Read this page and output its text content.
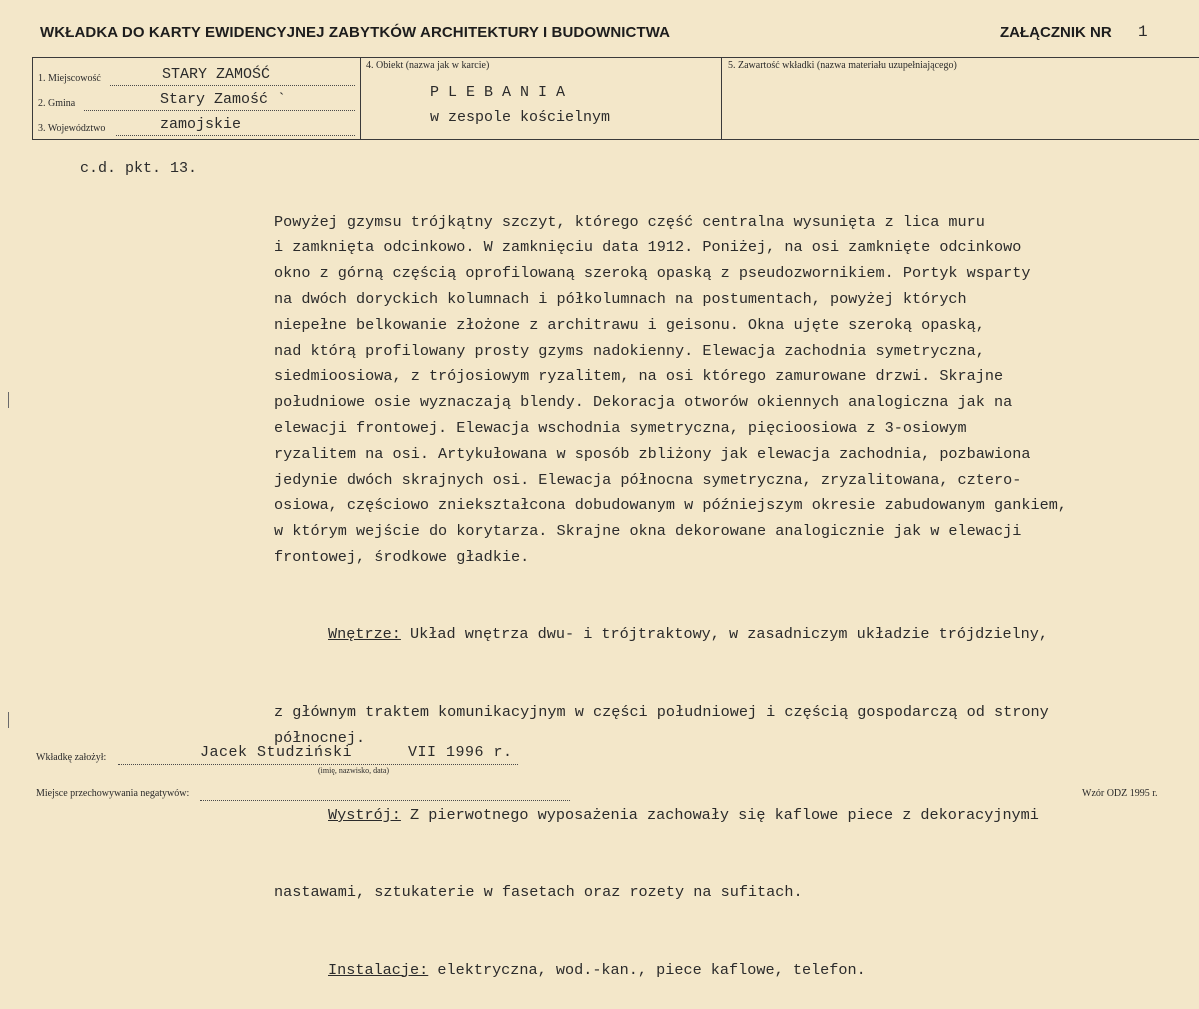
WKŁADKA DO KARTY EWIDENCYJNEJ ZABYTKÓW ARCHITEKTURY I BUDOWNICTWA	ZAŁĄCZNIK NR 1
1. Miejscowość	STARY ZAMOŚĆ
2. Gmina	Stary Zamość `
3. Województwo	zamojskie
4. Obiekt (nazwa jak w karcie)
P L E B A N I A
w zespole kościelnym
5. Zawartość wkładki (nazwa materiału uzupełniającego)
c.d. pkt. 13.

Powyżej gzymsu trójkątny szczyt, którego część centralna wysunięta z lica muru
i zamknięta odcinkowo. W zamknięciu data 1912. Poniżej, na osi zamknięte odcinkowo
okno z górną częścią oprofilowaną szeroką opaską z pseudozwornikiem. Portyk wsparty
na dwóch doryckich kolumnach i półkolumnach na postumentach, powyżej których
niepełne belkowanie złożone z architrawu i geisonu. Okna ujęte szeroką opaską,
nad którą profilowany prosty gzyms nadokienny. Elewacja zachodnia symetryczna,
siedmioosiowa, z trójosiowym ryzalitem, na osi którego zamurowane drzwi. Skrajne
południowe osie wyznaczają blendy. Dekoracja otworów okiennych analogiczna jak na
elewacji frontowej. Elewacja wschodnia symetryczna, pięcioosiowa z 3-osiowym
ryzalitem na osi. Artykułowana w sposób zbliżony jak elewacja zachodnia, pozbawiona
jedynie dwóch skrajnych osi. Elewacja północna symetryczna, zryzalitowana, cztero-
osiowa, częściowo zniekształcona dobudowanym w późniejszym okresie zabudowanym gankiem,
w którym wejście do korytarza. Skrajne okna dekorowane analogicznie jak w elewacji
frontowej, środkowe gładkie.

Wnętrze: Układ wnętrza dwu- i trójtraktowy, w zasadniczym układzie trójdzielny,

z głównym traktem komunikacyjnym w części południowej i częścią gospodarczą od strony
północnej.

Wystrój: Z pierwotnego wyposażenia zachowały się kaflowe piece z dekoracyjnymi

nastawami, sztukaterie w fasetach oraz rozety na sufitach.

Instalacje: elektryczna, wod.-kan., piece kaflowe, telefon.

Wkładkę założył:	Jacek Studziński	VII 1996 r.
(imię, nazwisko, data)
Miejsce przechowywania negatywów:	Wzór ODZ 1995 r.
